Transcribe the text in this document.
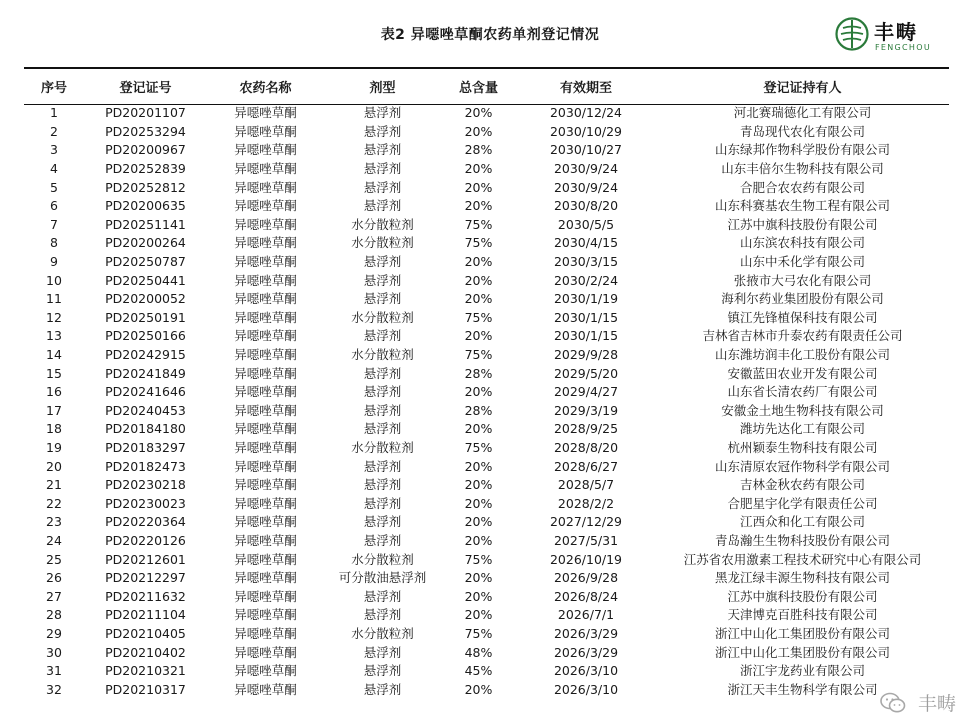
表2 异噁唑草酮农药单剂登记情况	丰畴
FENGCHOU
序号	登记证号	农药名称	剂型	总含量	有效期至	登记证持有人
1	PD20201107	异噁唑草酮	悬浮剂	20%	2030/12/24	河北赛瑞德化工有限公司
2	PD20253294	异噁唑草酮	悬浮剂	20%	2030/10/29	青岛现代农化有限公司
3	PD20200967	异噁唑草酮	悬浮剂	28%	2030/10/27	山东绿邦作物科学股份有限公司
4	PD20252839	异噁唑草酮	悬浮剂	20%	2030/9/24	山东丰倍尔生物科技有限公司
5	PD20252812	异噁唑草酮	悬浮剂	20%	2030/9/24	合肥合农农药有限公司
6	PD20200635	异噁唑草酮	悬浮剂	20%	2030/8/20	山东科赛基农生物工程有限公司
7	PD20251141	异噁唑草酮	水分散粒剂	75%	2030/5/5	江苏中旗科技股份有限公司
8	PD20200264	异噁唑草酮	水分散粒剂	75%	2030/4/15	山东滨农科技有限公司
9	PD20250787	异噁唑草酮	悬浮剂	20%	2030/3/15	山东中禾化学有限公司
10	PD20250441	异噁唑草酮	悬浮剂	20%	2030/2/24	张掖市大弓农化有限公司
11	PD20200052	异噁唑草酮	悬浮剂	20%	2030/1/19	海利尔药业集团股份有限公司
12	PD20250191	异噁唑草酮	水分散粒剂	75%	2030/1/15	镇江先锋植保科技有限公司
13	PD20250166	异噁唑草酮	悬浮剂	20%	2030/1/15	吉林省吉林市升泰农药有限责任公司
14	PD20242915	异噁唑草酮	水分散粒剂	75%	2029/9/28	山东潍坊润丰化工股份有限公司
15	PD20241849	异噁唑草酮	悬浮剂	28%	2029/5/20	安徽蓝田农业开发有限公司
16	PD20241646	异噁唑草酮	悬浮剂	20%	2029/4/27	山东省长清农药厂有限公司
17	PD20240453	异噁唑草酮	悬浮剂	28%	2029/3/19	安徽金土地生物科技有限公司
18	PD20184180	异噁唑草酮	悬浮剂	20%	2028/9/25	潍坊先达化工有限公司
19	PD20183297	异噁唑草酮	水分散粒剂	75%	2028/8/20	杭州颖泰生物科技有限公司
20	PD20182473	异噁唑草酮	悬浮剂	20%	2028/6/27	山东清原农冠作物科学有限公司
21	PD20230218	异噁唑草酮	悬浮剂	20%	2028/5/7	吉林金秋农药有限公司
22	PD20230023	异噁唑草酮	悬浮剂	20%	2028/2/2	合肥星宇化学有限责任公司
23	PD20220364	异噁唑草酮	悬浮剂	20%	2027/12/29	江西众和化工有限公司
24	PD20220126	异噁唑草酮	悬浮剂	20%	2027/5/31	青岛瀚生生物科技股份有限公司
25	PD20212601	异噁唑草酮	水分散粒剂	75%	2026/10/19	江苏省农用激素工程技术研究中心有限公司
26	PD20212297	异噁唑草酮	可分散油悬浮剂	20%	2026/9/28	黑龙江绿丰源生物科技有限公司
27	PD20211632	异噁唑草酮	悬浮剂	20%	2026/8/24	江苏中旗科技股份有限公司
28	PD20211104	异噁唑草酮	悬浮剂	20%	2026/7/1	天津博克百胜科技有限公司
29	PD20210405	异噁唑草酮	水分散粒剂	75%	2026/3/29	浙江中山化工集团股份有限公司
30	PD20210402	异噁唑草酮	悬浮剂	48%	2026/3/29	浙江中山化工集团股份有限公司
31	PD20210321	异噁唑草酮	悬浮剂	45%	2026/3/10	浙江宇龙药业有限公司
32	PD20210317	异噁唑草酮	悬浮剂	20%	2026/3/10	浙江天丰生物科学有限公司
丰畴
